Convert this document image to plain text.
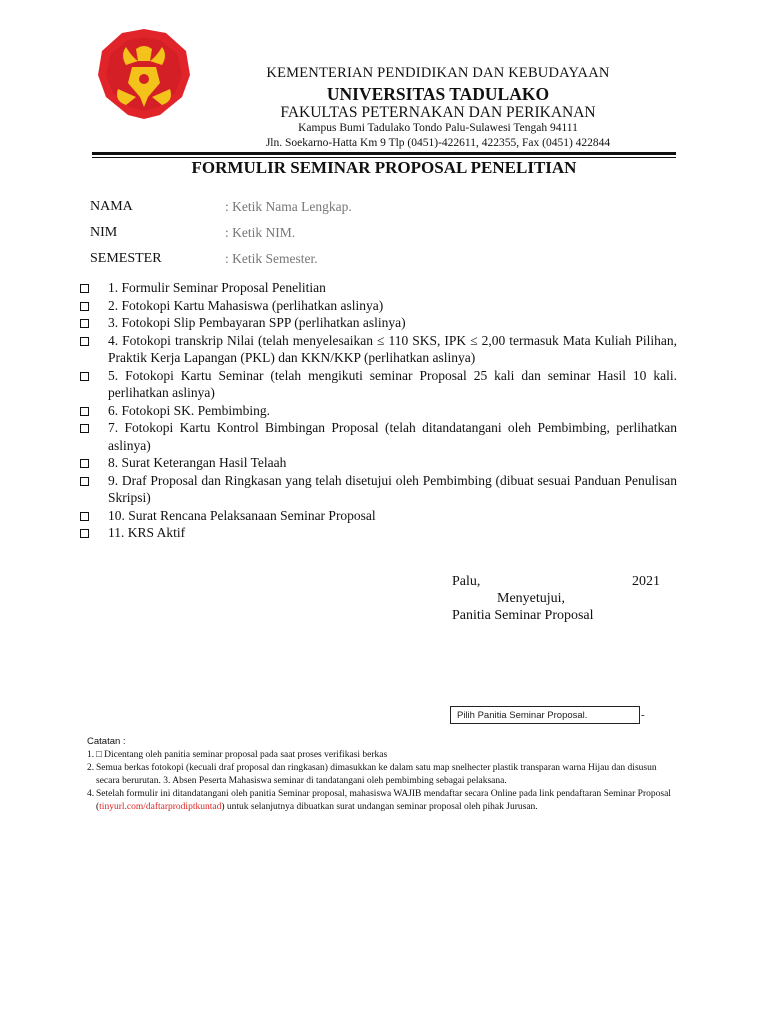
KEMENTERIAN PENDIDIKAN DAN KEBUDAYAAN
UNIVERSITAS TADULAKO
FAKULTAS PETERNAKAN DAN PERIKANAN
Kampus Bumi Tadulako Tondo Palu-Sulawesi Tengah 94111
Jln. Soekarno-Hatta Km 9 Tlp (0451)-422611, 422355, Fax (0451) 422844
FORMULIR SEMINAR PROPOSAL PENELITIAN
NAMA	: Ketik Nama Lengkap.
NIM	: Ketik NIM.
SEMESTER	: Ketik Semester.
1. Formulir Seminar Proposal Penelitian
2. Fotokopi Kartu Mahasiswa (perlihatkan aslinya)
3. Fotokopi Slip Pembayaran SPP (perlihatkan aslinya)
4. Fotokopi transkrip Nilai (telah menyelesaikan ≤ 110 SKS, IPK ≤ 2,00 termasuk Mata Kuliah Pilihan, Praktik Kerja Lapangan (PKL) dan KKN/KKP (perlihatkan aslinya)
5. Fotokopi Kartu Seminar (telah mengikuti seminar Proposal 25 kali dan seminar Hasil 10 kali. perlihatkan aslinya)
6. Fotokopi SK. Pembimbing.
7. Fotokopi Kartu Kontrol Bimbingan Proposal (telah ditandatangani oleh Pembimbing, perlihatkan aslinya)
8. Surat Keterangan Hasil Telaah
9. Draf Proposal dan Ringkasan yang telah disetujui oleh Pembimbing (dibuat sesuai Panduan Penulisan Skripsi)
10. Surat Rencana Pelaksanaan Seminar Proposal
11. KRS Aktif
Palu,	2021
Menyetujui,
Panitia Seminar Proposal
Pilih Panitia Seminar Proposal.	-
Catatan :
1. □ Dicentang oleh panitia seminar proposal pada saat proses verifikasi berkas
2. Semua berkas fotokopi (kecuali draf proposal dan ringkasan) dimasukkan ke dalam satu map snelhecter plastik transparan warna Hijau dan disusun secara berurutan. 3. Absen Peserta Mahasiswa seminar di tandatangani oleh pembimbing sebagai pelaksana.
4. Setelah formulir ini ditandatangani oleh panitia Seminar proposal, mahasiswa WAJIB mendaftar secara Online pada link pendaftaran Seminar Proposal (tinyurl.com/daftarprodiptkuntad) untuk selanjutnya dibuatkan surat undangan seminar proposal oleh pihak Jurusan.
